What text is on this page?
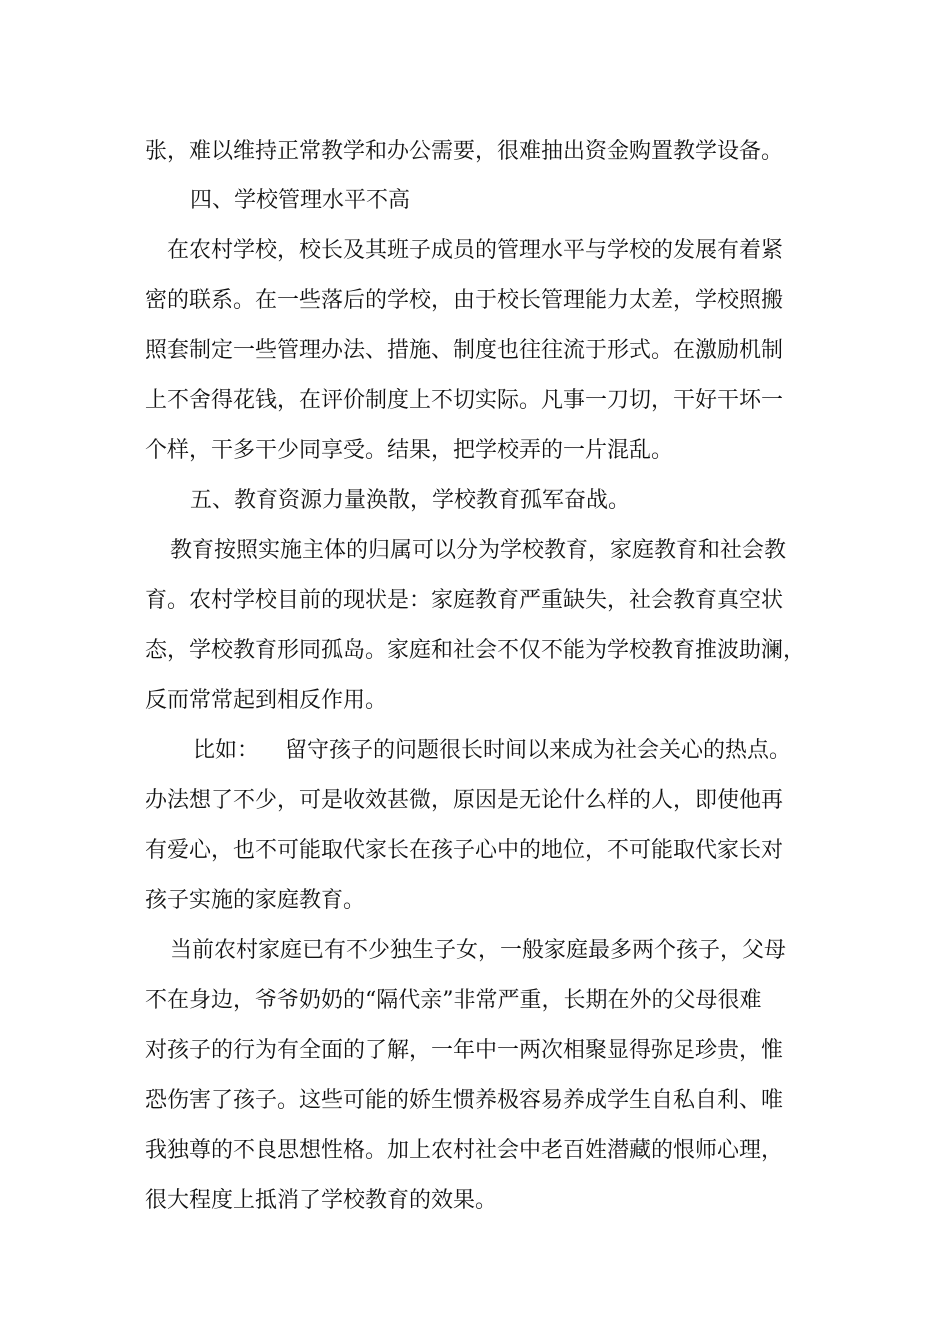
张，难以维持正常教学和办公需要，很难抽出资金购置教学设备。
四、学校管理水平不高
在农村学校，校长及其班子成员的管理水平与学校的发展有着紧
密的联系。在一些落后的学校，由于校长管理能力太差，学校照搬
照套制定一些管理办法、措施、制度也往往流于形式。在激励机制
上不舍得花钱，在评价制度上不切实际。凡事一刀切，干好干坏一
个样，干多干少同享受。结果，把学校弄的一片混乱。
五、教育资源力量涣散，学校教育孤军奋战。
教育按照实施主体的归属可以分为学校教育，家庭教育和社会教
育。农村学校目前的现状是：家庭教育严重缺失，社会教育真空状
态，学校教育形同孤岛。家庭和社会不仅不能为学校教育推波助澜，
反而常常起到相反作用。
比如： 留守孩子的问题很长时间以来成为社会关心的热点。
办法想了不少，可是收效甚微，原因是无论什么样的人，即使他再
有爱心，也不可能取代家长在孩子心中的地位，不可能取代家长对
孩子实施的家庭教育。
当前农村家庭已有不少独生子女，一般家庭最多两个孩子，父母
不在身边，爷爷奶奶的“隔代亲”非常严重，长期在外的父母很难
对孩子的行为有全面的了解，一年中一两次相聚显得弥足珍贵，惟
恐伤害了孩子。这些可能的娇生惯养极容易养成学生自私自利、唯
我独尊的不良思想性格。加上农村社会中老百姓潜藏的恨师心理，
很大程度上抵消了学校教育的效果。
